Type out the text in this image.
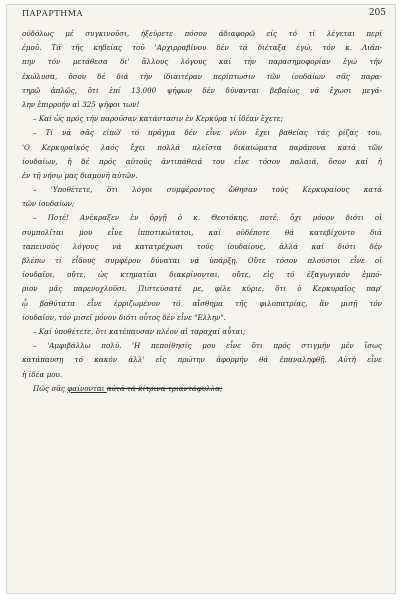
ΠΑΡΑΡΤΗΜΑ	205
ούδόλως μέ συγκινοῦσι, ήξεύρετε πόσον άδιαφορῶ είς τό τί λέγεται περί
έμοῦ. Τά τῆς κηδείας τοῦ 'Αρχιρραβίνου δέν τά διέταξα έγώ, τόν κ. Λιάπ-
πην τόν μετάθεσα δι' ἄλλους λόγους καί τήν παρασημοφορίαν ἐγώ τήν
ἐκώλυσα, ὅσον δέ διά τήν ίδιαιτέραν περίπτωσιν τῶν ίουδαίων σᾶς παρα-
τηρῶ ἁπλῶς, ὅτι ἐπί 13.000 ψήφων δέν δύνανται βεβαίως νά ἔχωσι μεγά-
λην ἐπιρροήν αἱ 325 ψῆφοι των!
– Καί ὡς πρός τήν παροῦσαν κατάστασιν ἐν Κερκύρᾳ τί ἰδέαν ἔχετε;
– Τί νά σᾶς εἰπῶ' τό πρᾶγμα δέν εἶνε νέον ἔχει βαθείας τάς ρίζας του.
'Ο Κερκυραϊκός λαός ἔχει πολλά πλεῖστα δικαιώματα παράπονα κατά τῶν
ίουδαίων, ἡ δέ πρός αὐτούς ἀντιπάθειά του εἶνε τόσον παλαιά, ὅσον καί ἡ
ἐν τῇ νήσῳ μας διαμονή αὐτῶν.
– 'Υποθέτετε, ὅτι λόγοι συμφέροντος ὤθησαν τούς Κερκυραίους κατά
τῶν ίουδαίων;
– Ποτέ! Ανέκραξεν ἐν ὀργῇ ὁ κ. Θεοτόκης, ποτέ, ὄχι μόνον διότι οἱ
συμπολῖται μου εἶνε ἱπποτικώτατοι, καί οὐδέποτε θά κατεβίχοντο διά
ταπεινούς λόγους νά κατατρέχωσι τούς ίουδαίους, ἀλλά καί διότι δέν
βλέπω τί εἶδους συμφέρον δύναται νά ὑπάρξῃ. Οὔτε τόσον πλούσιοι εἶνε οἱ
ίουδαῖοι, οὔτε, ὡς κτηματίαι διακρίνονται, οὔτε, εἰς τό ἐξαγωγικόν ἐμπό-
ριον μᾶς παρενοχλοῦσι. Πιστεύσατέ με, φίλε κύριε, ὅτι ὁ Κερκυραῖος παρ'
ᾧ βαθύτατα εἶνε ἐρριζωμένον τό αἴσθημα τῆς φιλοπατρίας, ἄν μισῇ τόν
ίουδαῖον, τόν μισεῖ μόνον διότι οὗτος δέν εἶνε "Ελλην".
– Καί ὑποθέτετε, ὅτι κατέπαυσαν πλέον αἱ ταραχαί αὗται;
– 'Αμφιβάλλω πολύ. 'Η πεποίθησίς μου εἶνε ὅτι πρός στιγμήν μέν ἴσως
κατάπαυσῃ τό κακόν ἀλλ' εἰς πρώτην ἀφορμήν θά ἐπαναληφθῇ. Αὐτή εἶνε
ἡ ἰδέα μου.
Πῶς σᾶς φαίνονται αὐτά τά κίτρινα τριαντάφυλλα;
